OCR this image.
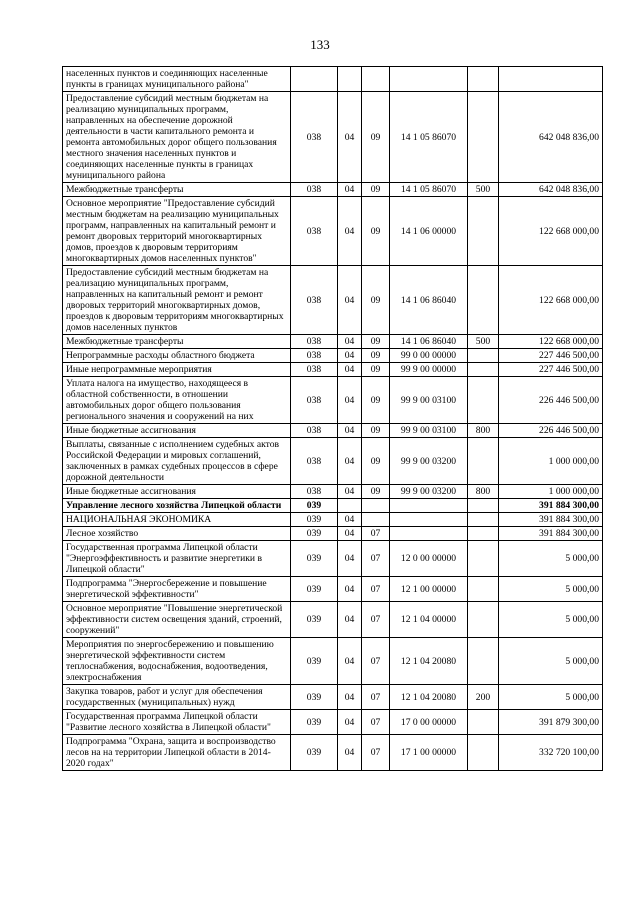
133
населенных пунктов и соединяющих населенные пункты в границах муниципального района"						
Предоставление субсидий местным бюджетам на реализацию муниципальных программ, направленных на обеспечение дорожной деятельности в части капитального ремонта и ремонта автомобильных дорог общего пользования местного значения населенных пунктов и соединяющих населенные пункты в границах муниципального района	038	04	09	14 1 05 86070		642 048 836,00
Межбюджетные трансферты	038	04	09	14 1 05 86070	500	642 048 836,00
Основное мероприятие "Предоставление субсидий местным бюджетам на реализацию муниципальных программ, направленных на капитальный ремонт и ремонт дворовых территорий многоквартирных домов, проездов к дворовым территориям многоквартирных домов населенных пунктов"	038	04	09	14 1 06 00000		122 668 000,00
Предоставление субсидий местным бюджетам на реализацию муниципальных программ, направленных на капитальный ремонт и ремонт дворовых территорий многоквартирных домов, проездов к дворовым территориям многоквартирных домов населенных пунктов	038	04	09	14 1 06 86040		122 668 000,00
Межбюджетные трансферты	038	04	09	14 1 06 86040	500	122 668 000,00
Непрограммные расходы областного бюджета	038	04	09	99 0 00 00000		227 446 500,00
Иные непрограммные мероприятия	038	04	09	99 9 00 00000		227 446 500,00
Уплата налога на имущество, находящееся в областной собственности, в отношении автомобильных дорог общего пользования регионального значения и сооружений на них	038	04	09	99 9 00 03100		226 446 500,00
Иные бюджетные ассигнования	038	04	09	99 9 00 03100	800	226 446 500,00
Выплаты, связанные с исполнением судебных актов Российской Федерации и мировых соглашений, заключенных в рамках судебных процессов в сфере дорожной деятельности	038	04	09	99 9 00 03200		1 000 000,00
Иные бюджетные ассигнования	038	04	09	99 9 00 03200	800	1 000 000,00
Управление лесного хозяйства Липецкой области	039					391 884 300,00
НАЦИОНАЛЬНАЯ ЭКОНОМИКА	039	04				391 884 300,00
Лесное хозяйство	039	04	07			391 884 300,00
Государственная программа Липецкой области "Энергоэффективность и развитие энергетики в Липецкой области"	039	04	07	12 0 00 00000		5 000,00
Подпрограмма "Энергосбережение и повышение энергетической эффективности"	039	04	07	12 1 00 00000		5 000,00
Основное мероприятие "Повышение энергетической эффективности систем освещения зданий, строений, сооружений"	039	04	07	12 1 04 00000		5 000,00
Мероприятия по энергосбережению и повышению энергетической эффективности систем теплоснабжения, водоснабжения, водоотведения, электроснабжения	039	04	07	12 1 04 20080		5 000,00
Закупка товаров, работ и услуг для обеспечения государственных (муниципальных) нужд	039	04	07	12 1 04 20080	200	5 000,00
Государственная программа Липецкой области "Развитие лесного хозяйства в Липецкой области"	039	04	07	17 0 00 00000		391 879 300,00
Подпрограмма "Охрана, защита и воспроизводство лесов на на территории Липецкой области в 2014-2020 годах"	039	04	07	17 1 00 00000		332 720 100,00
